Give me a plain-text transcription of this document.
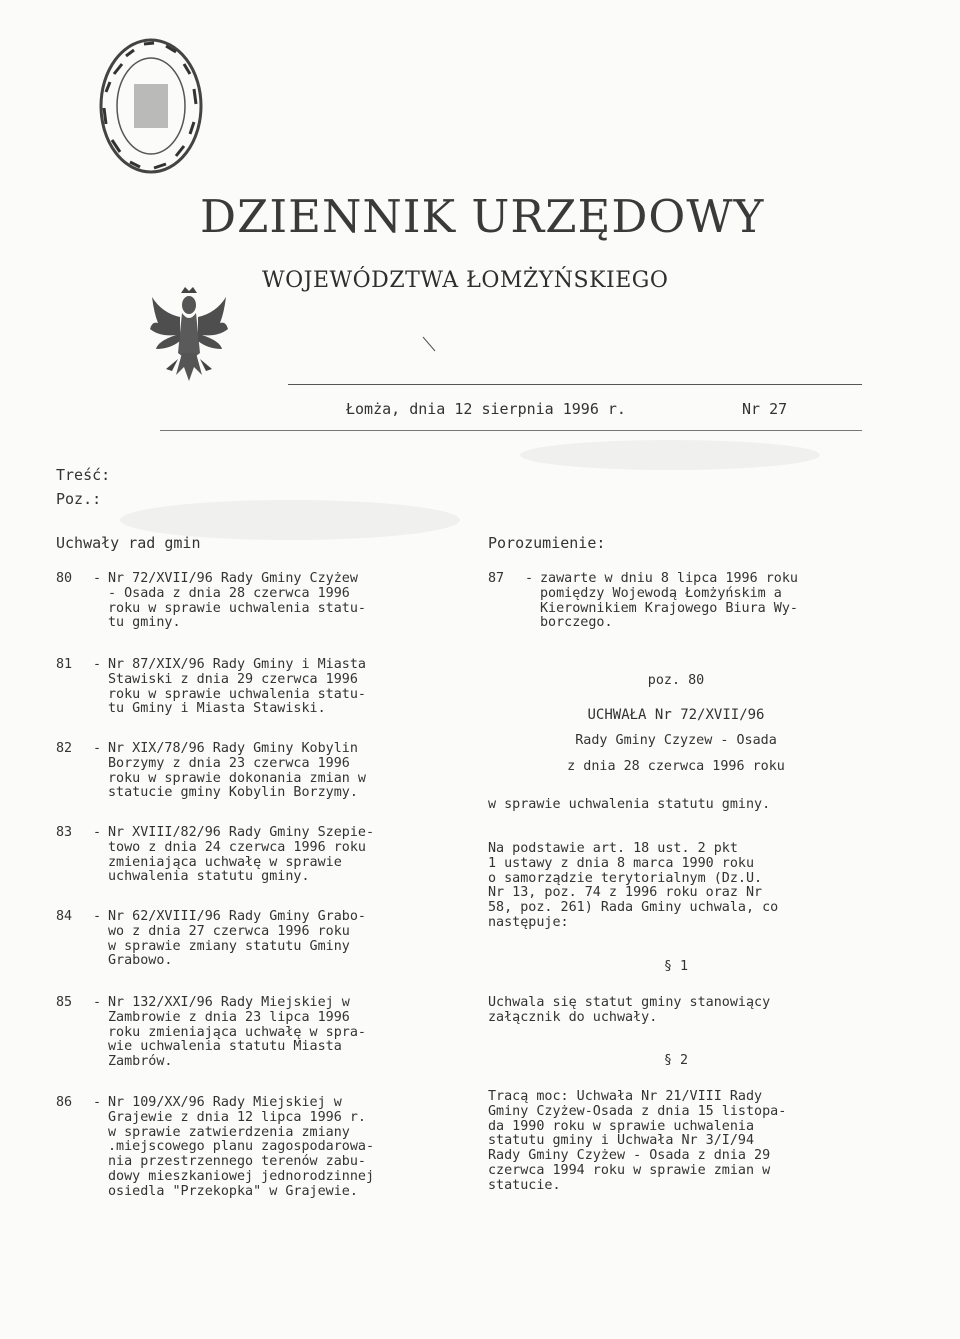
DZIENNIK URZĘDOWY
WOJEWÓDZTWA ŁOMŻYŃSKIEGO
Łomża, dnia 12 sierpnia 1996 r.	Nr 27
Treść:
Poz.:
Uchwały rad gmin
80	- Nr 72/XVII/96 Rady Gminy Czyżew
- Osada z dnia 28 czerwca 1996
roku w sprawie uchwalenia statu-
tu gminy.
81	- Nr 87/XIX/96 Rady Gminy i Miasta
Stawiski z dnia 29 czerwca 1996
roku w sprawie uchwalenia statu-
tu Gminy i Miasta Stawiski.
82	- Nr XIX/78/96 Rady Gminy Kobylin
Borzymy z dnia 23 czerwca 1996
roku w sprawie dokonania zmian w
statucie gminy Kobylin Borzymy.
83	- Nr XVIII/82/96 Rady Gminy Szepie-
towo z dnia 24 czerwca 1996 roku
zmieniająca uchwałę w sprawie
uchwalenia statutu gminy.
84	- Nr 62/XVIII/96 Rady Gminy Grabo-
wo z dnia 27 czerwca 1996 roku
w sprawie zmiany statutu Gminy
Grabowo.
85	- Nr 132/XXI/96 Rady Miejskiej w
Zambrowie z dnia 23 lipca 1996
roku zmieniająca uchwałę w spra-
wie uchwalenia statutu Miasta
Zambrów.
86	- Nr 109/XX/96 Rady Miejskiej w
Grajewie z dnia 12 lipca 1996 r.
w sprawie zatwierdzenia zmiany
.miejscowego planu zagospodarowa-
nia przestrzennego terenów zabu-
dowy mieszkaniowej jednorodzinnej
osiedla "Przekopka" w Grajewie.
Porozumienie:
87	- zawarte w dniu 8 lipca 1996 roku
pomiędzy Wojewodą Łomżyńskim a
Kierownikiem Krajowego Biura Wy-
borczego.
poz. 80
UCHWAŁA Nr 72/XVII/96
Rady Gminy Czyzew - Osada
z dnia 28 czerwca 1996 roku
w sprawie uchwalenia statutu gminy.
Na podstawie art. 18 ust. 2 pkt
1 ustawy z dnia 8 marca 1990 roku
o samorządzie terytorialnym (Dz.U.
Nr 13, poz. 74 z 1996 roku oraz Nr
58, poz. 261) Rada Gminy uchwala, co
następuje:
§ 1
Uchwala się statut gminy stanowiący
załącznik do uchwały.
§ 2
Tracą moc: Uchwała Nr 21/VIII Rady
Gminy Czyżew-Osada z dnia 15 listopa-
da 1990 roku w sprawie uchwalenia
statutu gminy i Uchwała Nr 3/I/94
Rady Gminy Czyżew - Osada z dnia 29
czerwca 1994 roku w sprawie zmian w
statucie.
